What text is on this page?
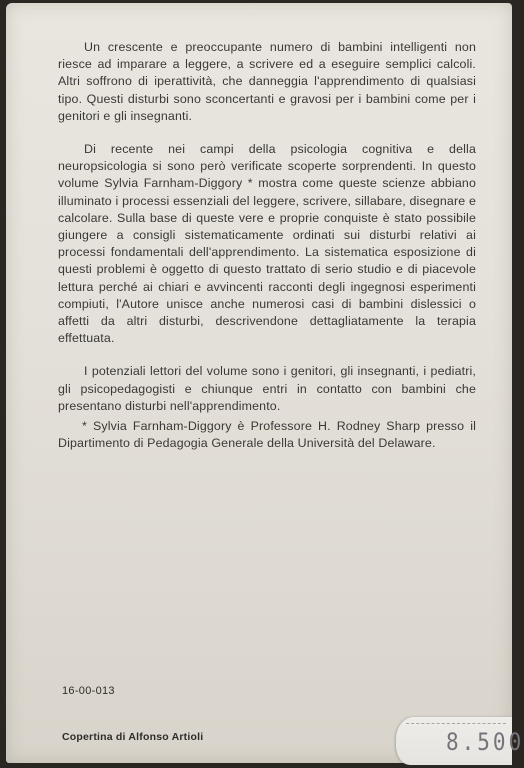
Un crescente e preoccupante numero di bambini intelligenti non riesce ad imparare a leggere, a scrivere ed a eseguire semplici calcoli. Altri soffrono di iperattività, che danneggia l'apprendimento di qualsiasi tipo. Questi disturbi sono sconcertanti e gravosi per i bambini come per i genitori e gli insegnanti.

Di recente nei campi della psicologia cognitiva e della neuropsicologia si sono però verificate scoperte sorprendenti. In questo volume Sylvia Farnham-Diggory * mostra come queste scienze abbiano illuminato i processi essenziali del leggere, scrivere, sillabare, disegnare e calcolare. Sulla base di queste vere e proprie conquiste è stato possibile giungere a consigli sistematicamente ordinati sui disturbi relativi ai processi fondamentali dell'apprendimento. La sistematica esposizione di questi problemi è oggetto di questo trattato di serio studio e di piacevole lettura perché ai chiari e avvincenti racconti degli ingegnosi esperimenti compiuti, l'Autore unisce anche numerosi casi di bambini dislessici o affetti da altri disturbi, descrivendone dettagliatamente la terapia effettuata.

I potenziali lettori del volume sono i genitori, gli insegnanti, i pediatri, gli psicopedagogisti e chiunque entri in contatto con bambini che presentano disturbi nell'apprendimento.

* Sylvia Farnham-Diggory è Professore H. Rodney Sharp presso il Dipartimento di Pedagogia Generale della Università del Delaware.

16-00-013
Copertina di Alfonso Artioli	8.500
